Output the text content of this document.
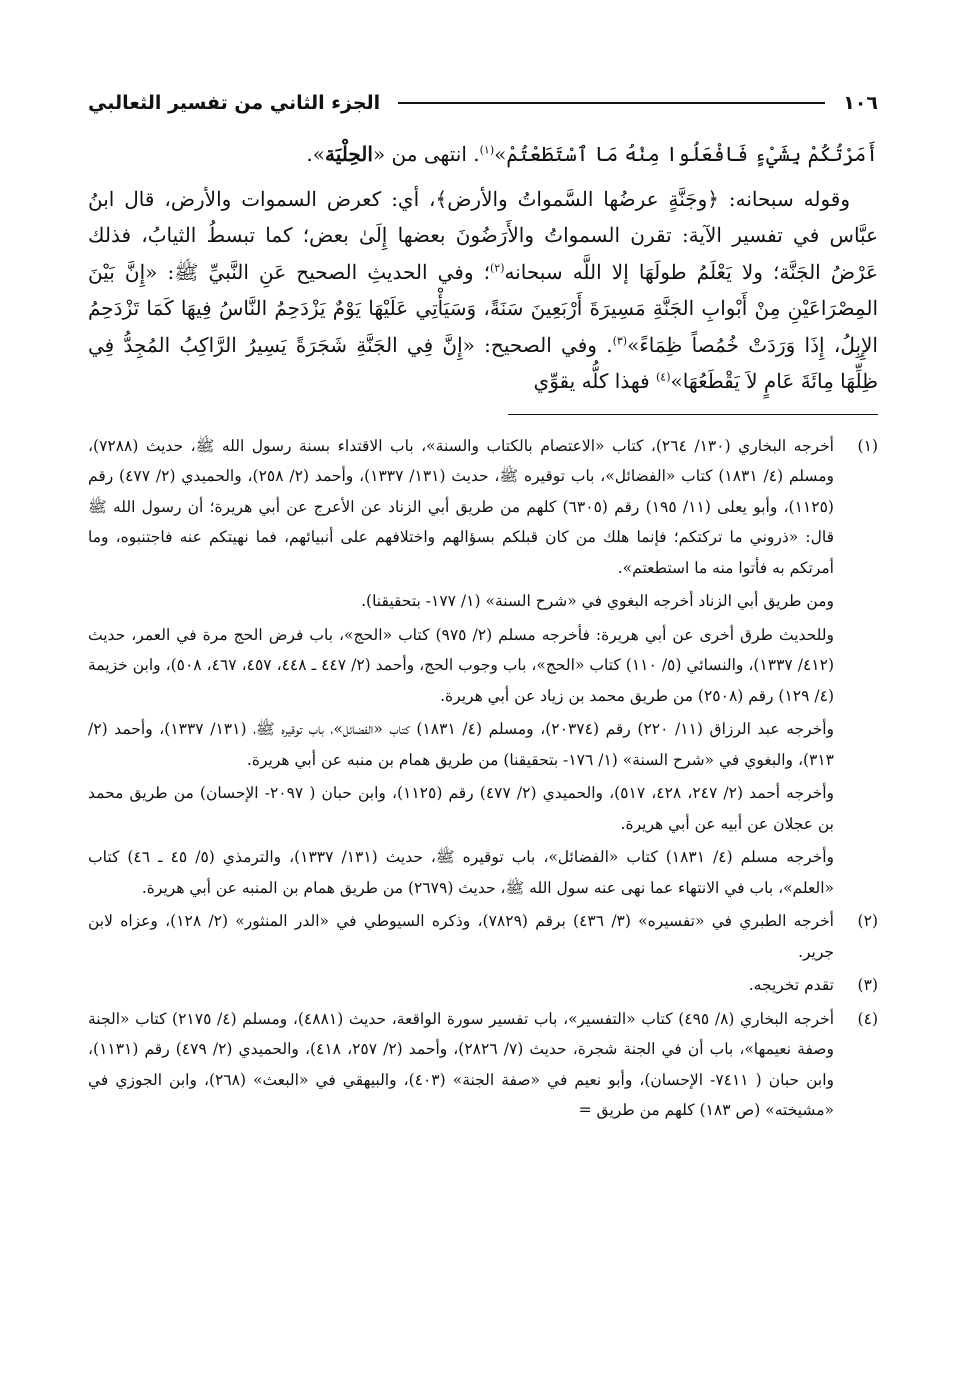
١٠٦
الجزء الثاني من تفسير الثعالبي

أَمَرْتُكُمْ بِشَيْءٍ فَافْعَلُوا مِنْهُ مَا ٱسْتَطَعْتُمْ»$^{(١)}$. انتهى من «الحِلْيَة».

وقوله سبحانه: ﴿وجَنَّةٍ عرضُها السَّمواتُ والأرض﴾، أي: كعرض السموات والأرض، قال ابنُ عبَّاس في تفسير الآية: تقرن السمواتُ والأَرَضُونَ بعضها إِلَىٰ بعض؛ كما تبسطُ الثيابُ، فذلك عَرْضُ الجَنَّة؛ ولا يَعْلَمُ طولَهَا إلا اللَّه سبحانه$^{(٢)}$؛ وفي الحديثِ الصحيح عَنِ النَّبيِّ ﷺ: «إِنَّ بَيْنَ المِصْرَاعَيْنِ مِنْ أَبْوابِ الجَنَّةِ مَسِيرَةَ أَرْبَعِينَ سَنَةً، وَسَيَأْتِي عَلَيْهَا يَوْمٌ يَزْدَحِمُ النَّاسُ فِيهَا كَمَا تَزْدَحِمُ الإِبِلُ، إِذَا وَرَدَتْ خُمُصاً ظِمَاءً»$^{(٣)}$. وفي الصحيح: «إِنَّ فِي الجَنَّةِ شَجَرَةً يَسِيرُ الرَّاكِبُ المُجِدُّ فِي ظِلِّهَا مِائَةَ عَامٍ لاَ يَقْطَعُهَا»$^{(٤)}$ فهذا كلُّه يقوِّي

(١)

أخرجه البخاري (١٣٠/ ٢٦٤)، كتاب «الاعتصام بالكتاب والسنة»، باب الاقتداء بسنة رسول الله ﷺ، حديث (٧٢٨٨)، ومسلم (٤/ ١٨٣١) كتاب «الفضائل»، باب توقيره ﷺ، حديث (١٣١/ ١٣٣٧)، وأحمد (٢/ ٢٥٨)، والحميدي (٢/ ٤٧٧) رقم (١١٢٥)، وأبو يعلى (١١/ ١٩٥) رقم (٦٣٠٥) كلهم من طريق أبي الزناد عن الأعرج عن أبي هريرة؛ أن رسول الله ﷺ قال: «ذروني ما تركتكم؛ فإنما هلك من كان قبلكم بسؤالهم واختلافهم على أنبيائهم، فما نهيتكم عنه فاجتنبوه، وما أمرتكم به فأتوا منه ما استطعتم».

ومن طريق أبي الزناد أخرجه البغوي في «شرح السنة» (١/ ١٧٧- بتحقيقنا).

وللحديث طرق أخرى عن أبي هريرة: فأخرجه مسلم (٢/ ٩٧٥) كتاب «الحج»، باب فرض الحج مرة في العمر، حديث (٤١٢/ ١٣٣٧)، والنسائي (٥/ ١١٠) كتاب «الحج»، باب وجوب الحج، وأحمد (٢/ ٤٤٧ ـ ٤٤٨، ٤٥٧، ٤٦٧، ٥٠٨)، وابن خزيمة (٤/ ١٢٩) رقم (٢٥٠٨) من طريق محمد بن زياد عن أبي هريرة.

وأخرجه عبد الرزاق (١١/ ٢٢٠) رقم (٢٠٣٧٤)، ومسلم (٤/ ١٨٣١) كتاب «الفضائل»، باب توقيره ﷺ، (١٣١/ ١٣٣٧)، وأحمد (٢/ ٣١٣)، والبغوي في «شرح السنة» (١/ ١٧٦- بتحقيقنا) من طريق همام بن منبه عن أبي هريرة.

وأخرجه أحمد (٢/ ٢٤٧، ٤٢٨، ٥١٧)، والحميدي (٢/ ٤٧٧) رقم (١١٢٥)، وابن حبان ( ٢٠٩٧- الإحسان) من طريق محمد بن عجلان عن أبيه عن أبي هريرة.

وأخرجه مسلم (٤/ ١٨٣١) كتاب «الفضائل»، باب توقيره ﷺ، حديث (١٣١/ ١٣٣٧)، والترمذي (٥/ ٤٥ ـ ٤٦) كتاب «العلم»، باب في الانتهاء عما نهى عنه سول الله ﷺ، حديث (٢٦٧٩) من طريق همام بن المنبه عن أبي هريرة.

(٢)

أخرجه الطبري في «تفسيره» (٣/ ٤٣٦) برقم (٧٨٢٩)، وذكره السيوطي في «الدر المنثور» (٢/ ١٢٨)، وعزاه لابن جرير.

(٣)

تقدم تخريجه.

(٤)

أخرجه البخاري (٨/ ٤٩٥) كتاب «التفسير»، باب تفسير سورة الواقعة، حديث (٤٨٨١)، ومسلم (٤/ ٢١٧٥) كتاب «الجنة وصفة نعيمها»، باب أن في الجنة شجرة، حديث (٧/ ٢٨٢٦)، وأحمد (٢/ ٢٥٧، ٤١٨)، والحميدي (٢/ ٤٧٩) رقم (١١٣١)، وابن حبان ( ٧٤١١- الإحسان)، وأبو نعيم في «صفة الجنة» (٤٠٣)، والبيهقي في «البعث» (٢٦٨)، وابن الجوزي في «مشيخته» (ص ١٨٣) كلهم من طريق =
